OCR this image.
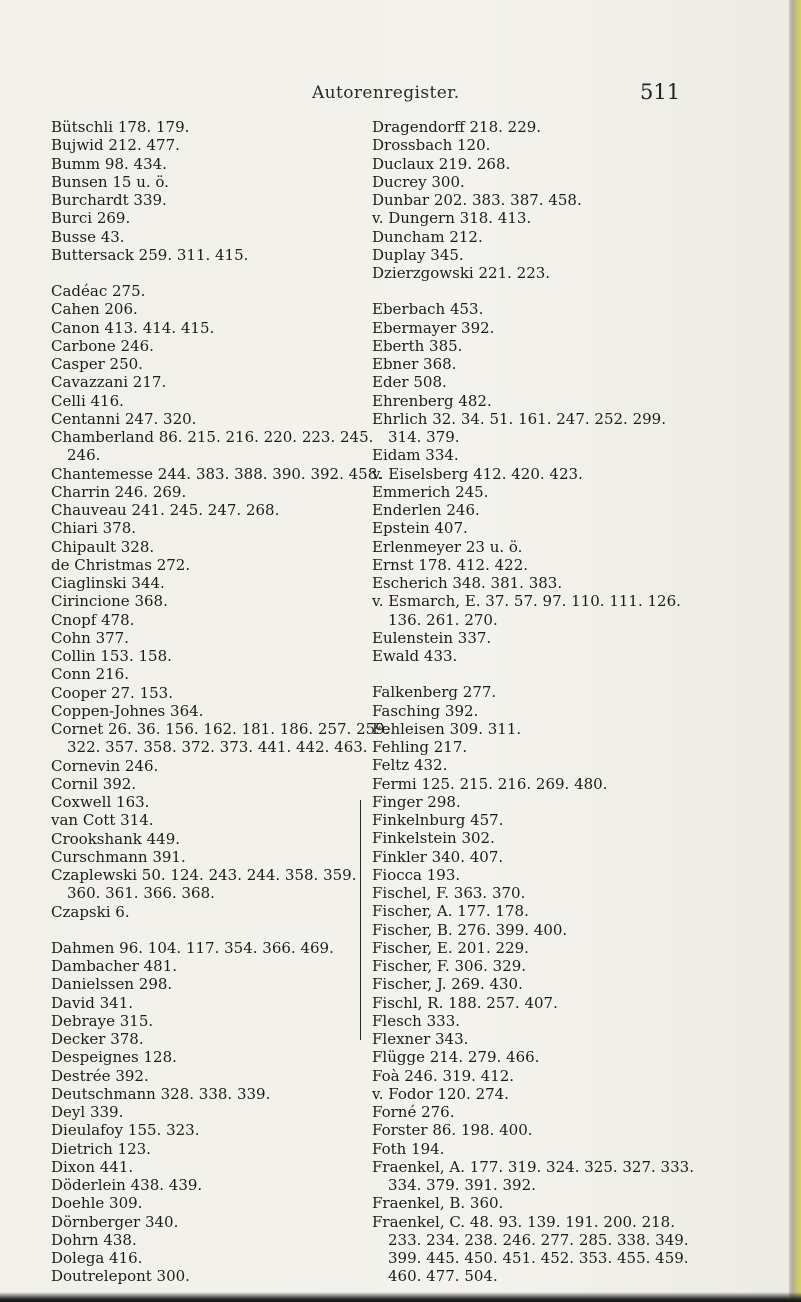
Autorenregister.	511
Bütschli 178. 179.
Bujwid 212. 477.
Bumm 98. 434.
Bunsen 15 u. ö.
Burchardt 339.
Burci 269.
Busse 43.
Buttersack 259. 311. 415.
Cadéac 275.
Cahen 206.
Canon 413. 414. 415.
Carbone 246.
Casper 250.
Cavazzani 217.
Celli 416.
Centanni 247. 320.
Chamberland 86. 215. 216. 220. 223. 245.
246.
Chantemesse 244. 383. 388. 390. 392. 458.
Charrin 246. 269.
Chauveau 241. 245. 247. 268.
Chiari 378.
Chipault 328.
de Christmas 272.
Ciaglinski 344.
Cirincione 368.
Cnopf 478.
Cohn 377.
Collin 153. 158.
Conn 216.
Cooper 27. 153.
Coppen-Johnes 364.
Cornet 26. 36. 156. 162. 181. 186. 257. 259.
322. 357. 358. 372. 373. 441. 442. 463.
Cornevin 246.
Cornil 392.
Coxwell 163.
van Cott 314.
Crookshank 449.
Curschmann 391.
Czaplewski 50. 124. 243. 244. 358. 359.
360. 361. 366. 368.
Czapski 6.
Dahmen 96. 104. 117. 354. 366. 469.
Dambacher 481.
Danielssen 298.
David 341.
Debraye 315.
Decker 378.
Despeignes 128.
Destrée 392.
Deutschmann 328. 338. 339.
Deyl 339.
Dieulafoy 155. 323.
Dietrich 123.
Dixon 441.
Döderlein 438. 439.
Doehle 309.
Dörnberger 340.
Dohrn 438.
Dolega 416.
Doutrelepont 300.
Dragendorff 218. 229.
Drossbach 120.
Duclaux 219. 268.
Ducrey 300.
Dunbar 202. 383. 387. 458.
v. Dungern 318. 413.
Duncham 212.
Duplay 345.
Dzierzgowski 221. 223.
Eberbach 453.
Ebermayer 392.
Eberth 385.
Ebner 368.
Eder 508.
Ehrenberg 482.
Ehrlich 32. 34. 51. 161. 247. 252. 299.
314. 379.
Eidam 334.
v. Eiselsberg 412. 420. 423.
Emmerich 245.
Enderlen 246.
Epstein 407.
Erlenmeyer 23 u. ö.
Ernst 178. 412. 422.
Escherich 348. 381. 383.
v. Esmarch, E. 37. 57. 97. 110. 111. 126.
136. 261. 270.
Eulenstein 337.
Ewald 433.
Falkenberg 277.
Fasching 392.
Fehleisen 309. 311.
Fehling 217.
Feltz 432.
Fermi 125. 215. 216. 269. 480.
Finger 298.
Finkelnburg 457.
Finkelstein 302.
Finkler 340. 407.
Fiocca 193.
Fischel, F. 363. 370.
Fischer, A. 177. 178.
Fischer, B. 276. 399. 400.
Fischer, E. 201. 229.
Fischer, F. 306. 329.
Fischer, J. 269. 430.
Fischl, R. 188. 257. 407.
Flesch 333.
Flexner 343.
Flügge 214. 279. 466.
Foà 246. 319. 412.
v. Fodor 120. 274.
Forné 276.
Forster 86. 198. 400.
Foth 194.
Fraenkel, A. 177. 319. 324. 325. 327. 333.
334. 379. 391. 392.
Fraenkel, B. 360.
Fraenkel, C. 48. 93. 139. 191. 200. 218.
233. 234. 238. 246. 277. 285. 338. 349.
399. 445. 450. 451. 452. 353. 455. 459.
460. 477. 504.
